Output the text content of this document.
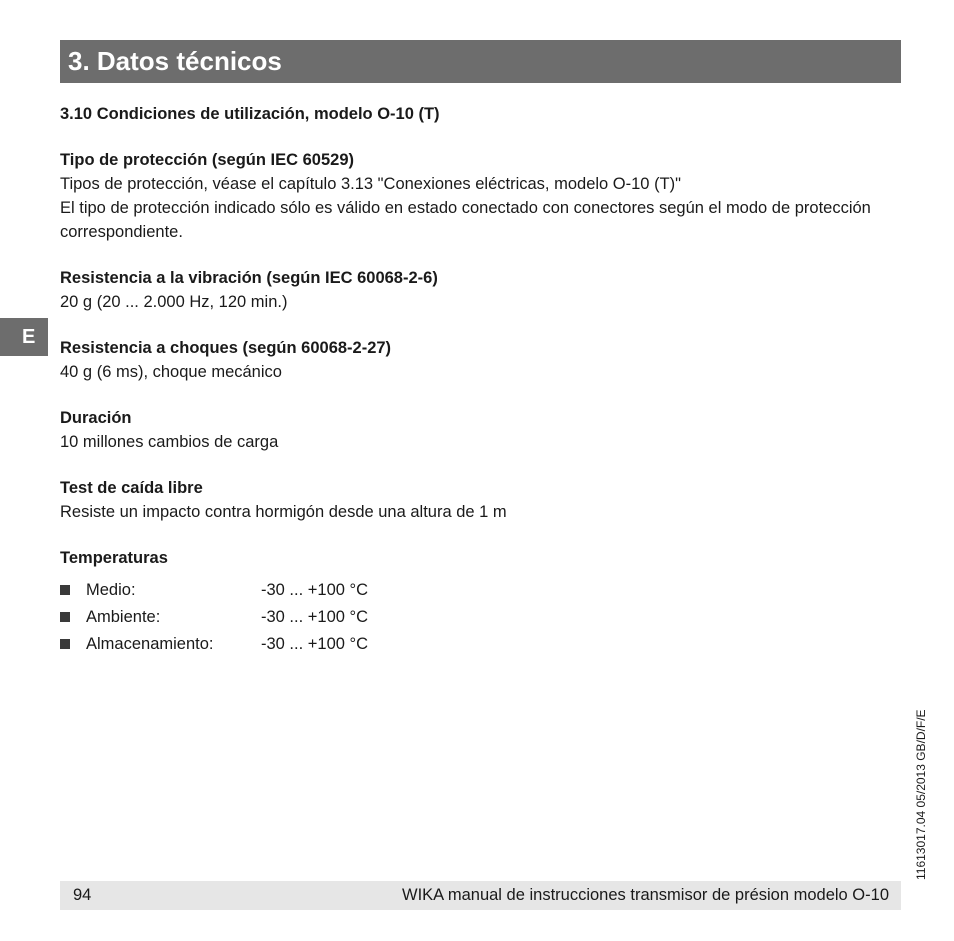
3. Datos técnicos
E
3.10 Condiciones de utilización, modelo O-10 (T)
Tipo de protección (según IEC 60529)
Tipos de protección, véase el capítulo 3.13 "Conexiones eléctricas, modelo O-10 (T)"
El tipo de protección indicado sólo es válido en estado conectado con conectores según el modo de protección correspondiente.
Resistencia a la vibración (según IEC 60068-2-6)
20 g (20 ... 2.000 Hz, 120 min.)
Resistencia a choques (según 60068-2-27)
40 g (6 ms), choque mecánico
Duración
10 millones cambios de carga
Test de caída libre
Resiste un impacto contra hormigón desde una altura de 1 m
Temperaturas
Medio:	-30 ... +100 °C
Ambiente:	-30 ... +100 °C
Almacenamiento:	-30 ... +100 °C
11613017.04 05/2013 GB/D/F/E
94	WIKA manual de instrucciones transmisor de présion modelo O-10
